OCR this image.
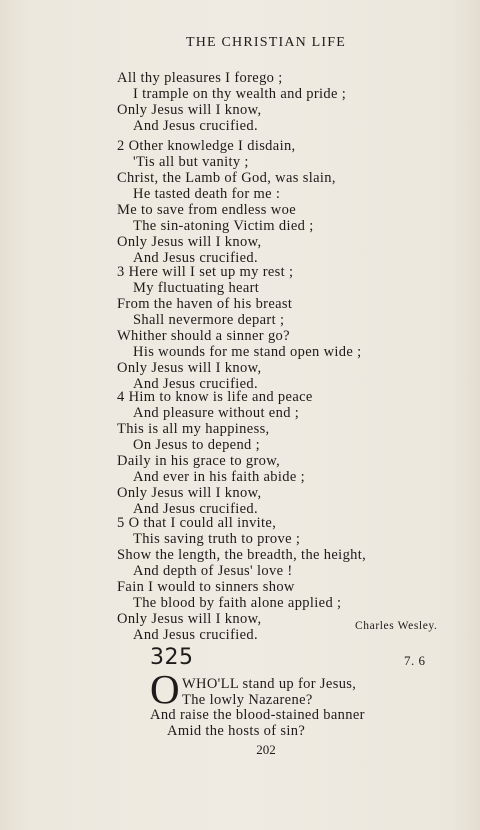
THE CHRISTIAN LIFE
All thy pleasures I forego ;
I trample on thy wealth and pride ;
Only Jesus will I know,
And Jesus crucified.
2 Other knowledge I disdain,
'Tis all but vanity ;
Christ, the Lamb of God, was slain,
He tasted death for me :
Me to save from endless woe
The sin-atoning Victim died ;
Only Jesus will I know,
And Jesus crucified.
3 Here will I set up my rest ;
My fluctuating heart
From the haven of his breast
Shall nevermore depart ;
Whither should a sinner go?
His wounds for me stand open wide ;
Only Jesus will I know,
And Jesus crucified.
4 Him to know is life and peace
And pleasure without end ;
This is all my happiness,
On Jesus to depend ;
Daily in his grace to grow,
And ever in his faith abide ;
Only Jesus will I know,
And Jesus crucified.
5 O that I could all invite,
This saving truth to prove ;
Show the length, the breadth, the height,
And depth of Jesus' love !
Fain I would to sinners show
The blood by faith alone applied ;
Only Jesus will I know,
And Jesus crucified.
Charles Wesley.
325	7. 6
O WHO'LL stand up for Jesus,
The lowly Nazarene?
And raise the blood-stained banner
Amid the hosts of sin?
202
